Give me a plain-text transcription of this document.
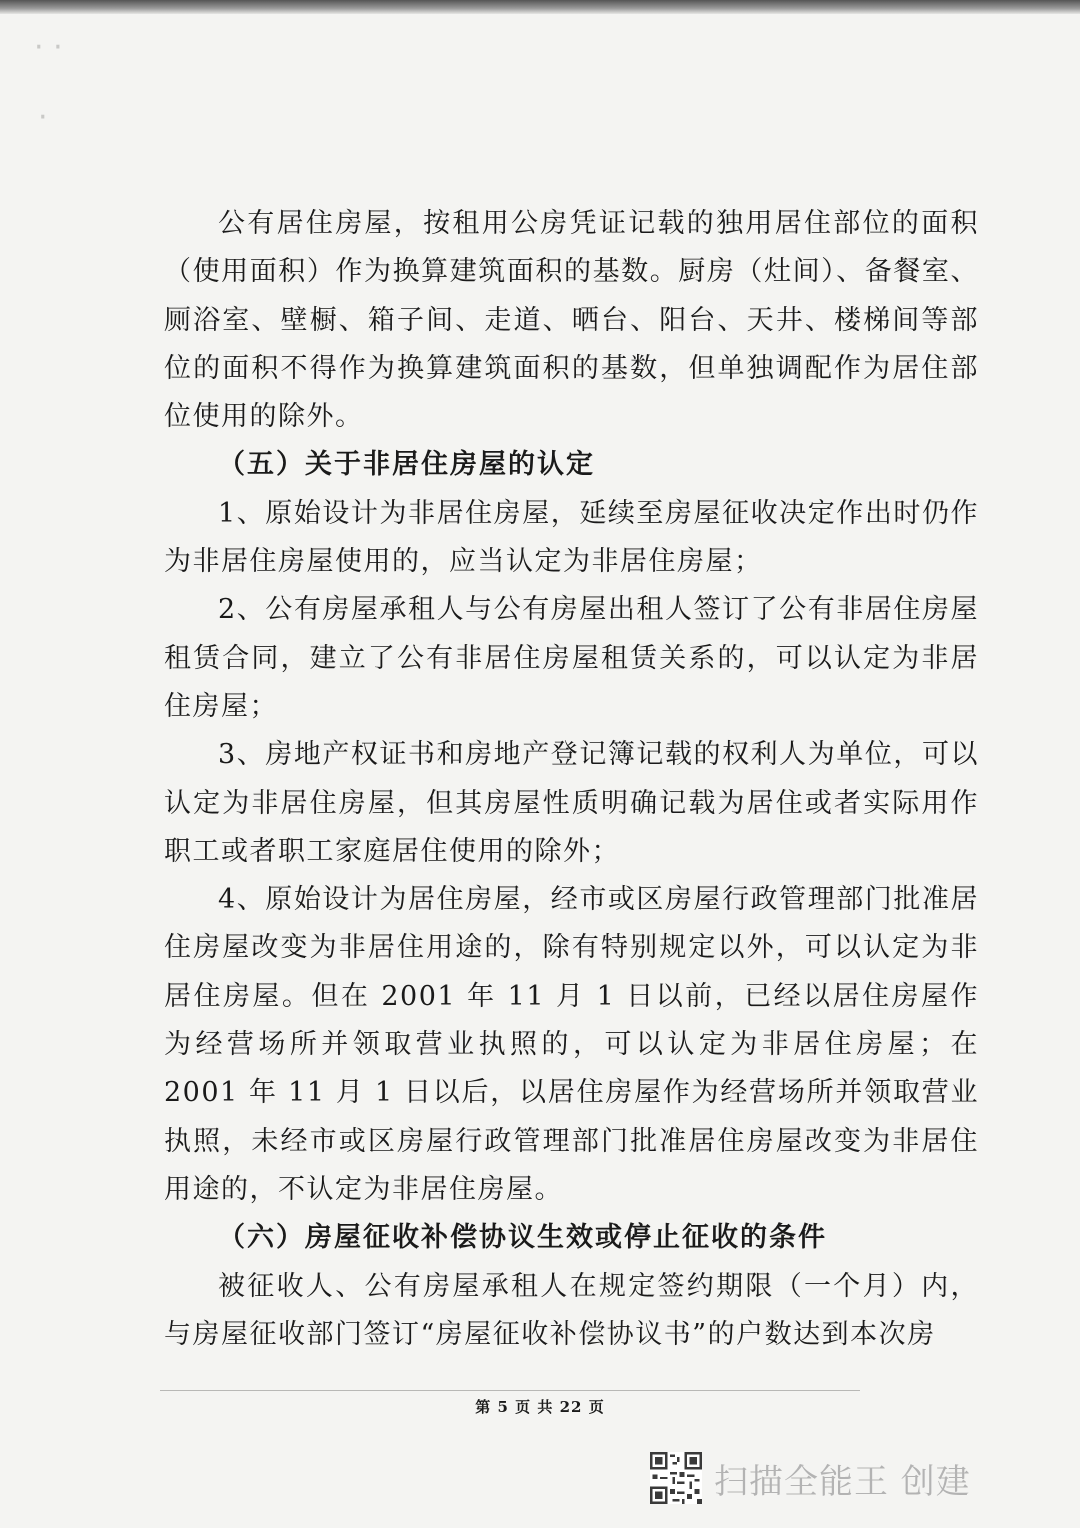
· ·
·

公有居住房屋，按租用公房凭证记载的独用居住部位的面积（使用面积）作为换算建筑面积的基数。厨房（灶间）、备餐室、厕浴室、壁橱、箱子间、走道、晒台、阳台、天井、楼梯间等部位的面积不得作为换算建筑面积的基数，但单独调配作为居住部位使用的除外。

（五）关于非居住房屋的认定

1、原始设计为非居住房屋，延续至房屋征收决定作出时仍作为非居住房屋使用的，应当认定为非居住房屋；

2、公有房屋承租人与公有房屋出租人签订了公有非居住房屋租赁合同，建立了公有非居住房屋租赁关系的，可以认定为非居住房屋；

3、房地产权证书和房地产登记簿记载的权利人为单位，可以认定为非居住房屋，但其房屋性质明确记载为居住或者实际用作职工或者职工家庭居住使用的除外；

4、原始设计为居住房屋，经市或区房屋行政管理部门批准居住房屋改变为非居住用途的，除有特别规定以外，可以认定为非居住房屋。但在 2001 年 11 月 1 日以前，已经以居住房屋作为经营场所并领取营业执照的，可以认定为非居住房屋；在 2001 年 11 月 1 日以后，以居住房屋作为经营场所并领取营业执照，未经市或区房屋行政管理部门批准居住房屋改变为非居住用途的，不认定为非居住房屋。

（六）房屋征收补偿协议生效或停止征收的条件

被征收人、公有房屋承租人在规定签约期限（一个月）内，与房屋征收部门签订“房屋征收补偿协议书”的户数达到本次房

第 5 页 共 22 页
扫描全能王 创建
